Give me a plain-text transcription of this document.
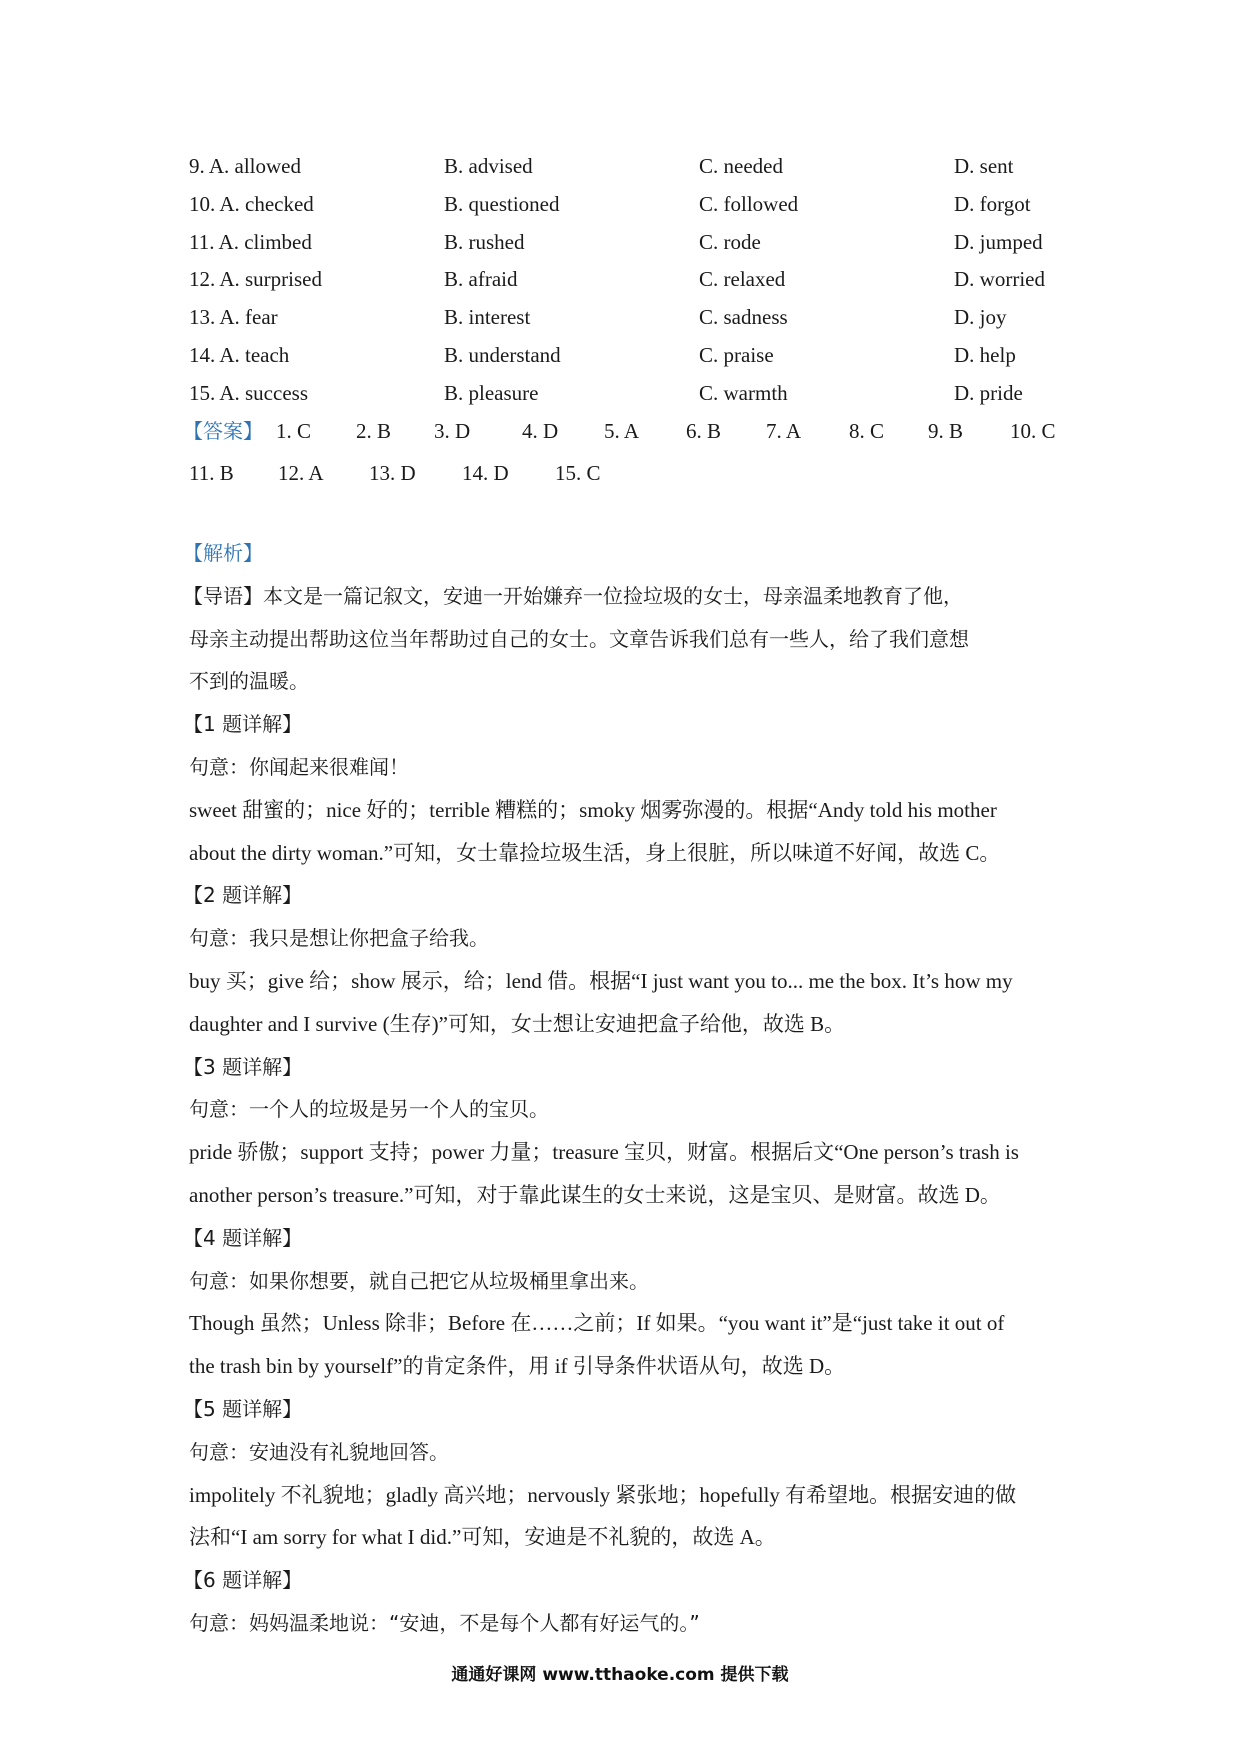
9. A. allowed	B. advised	C. needed	D. sent
10. A. checked	B. questioned	C. followed	D. forgot
11. A. climbed	B. rushed	C. rode	D. jumped
12. A. surprised	B. afraid	C. relaxed	D. worried
13. A. fear	B. interest	C. sadness	D. joy
14. A. teach	B. understand	C. praise	D. help
15. A. success	B. pleasure	C. warmth	D. pride
【答案】 1. C 2. B 3. D 4. D 5. A 6. B 7. A 8. C 9. B 10. C
11. B 12. A 13. D 14. D 15. C
【解析】
【导语】本文是一篇记叙文，安迪一开始嫌弃一位捡垃圾的女士，母亲温柔地教育了他，
母亲主动提出帮助这位当年帮助过自己的女士。文章告诉我们总有一些人，给了我们意想
不到的温暖。
【1 题详解】
句意：你闻起来很难闻！
sweet 甜蜜的；nice 好的；terrible 糟糕的；smoky 烟雾弥漫的。根据“Andy told his mother
about the dirty woman.”可知，女士靠捡垃圾生活，身上很脏，所以味道不好闻，故选 C。
【2 题详解】
句意：我只是想让你把盒子给我。
buy 买；give 给；show 展示，给；lend 借。根据“I just want you to... me the box. It’s how my
daughter and I survive (生存)”可知，女士想让安迪把盒子给他，故选 B。
【3 题详解】
句意：一个人的垃圾是另一个人的宝贝。
pride 骄傲；support 支持；power 力量；treasure 宝贝，财富。根据后文“One person’s trash is
another person’s treasure.”可知，对于靠此谋生的女士来说，这是宝贝、是财富。故选 D。
【4 题详解】
句意：如果你想要，就自己把它从垃圾桶里拿出来。
Though 虽然；Unless 除非；Before 在……之前；If 如果。“you want it”是“just take it out of
the trash bin by yourself”的肯定条件，用 if 引导条件状语从句，故选 D。
【5 题详解】
句意：安迪没有礼貌地回答。
impolitely 不礼貌地；gladly 高兴地；nervously 紧张地；hopefully 有希望地。根据安迪的做
法和“I am sorry for what I did.”可知，安迪是不礼貌的，故选 A。
【6 题详解】
句意：妈妈温柔地说：“安迪，不是每个人都有好运气的。”
通通好课网 www.tthaoke.com 提供下载
